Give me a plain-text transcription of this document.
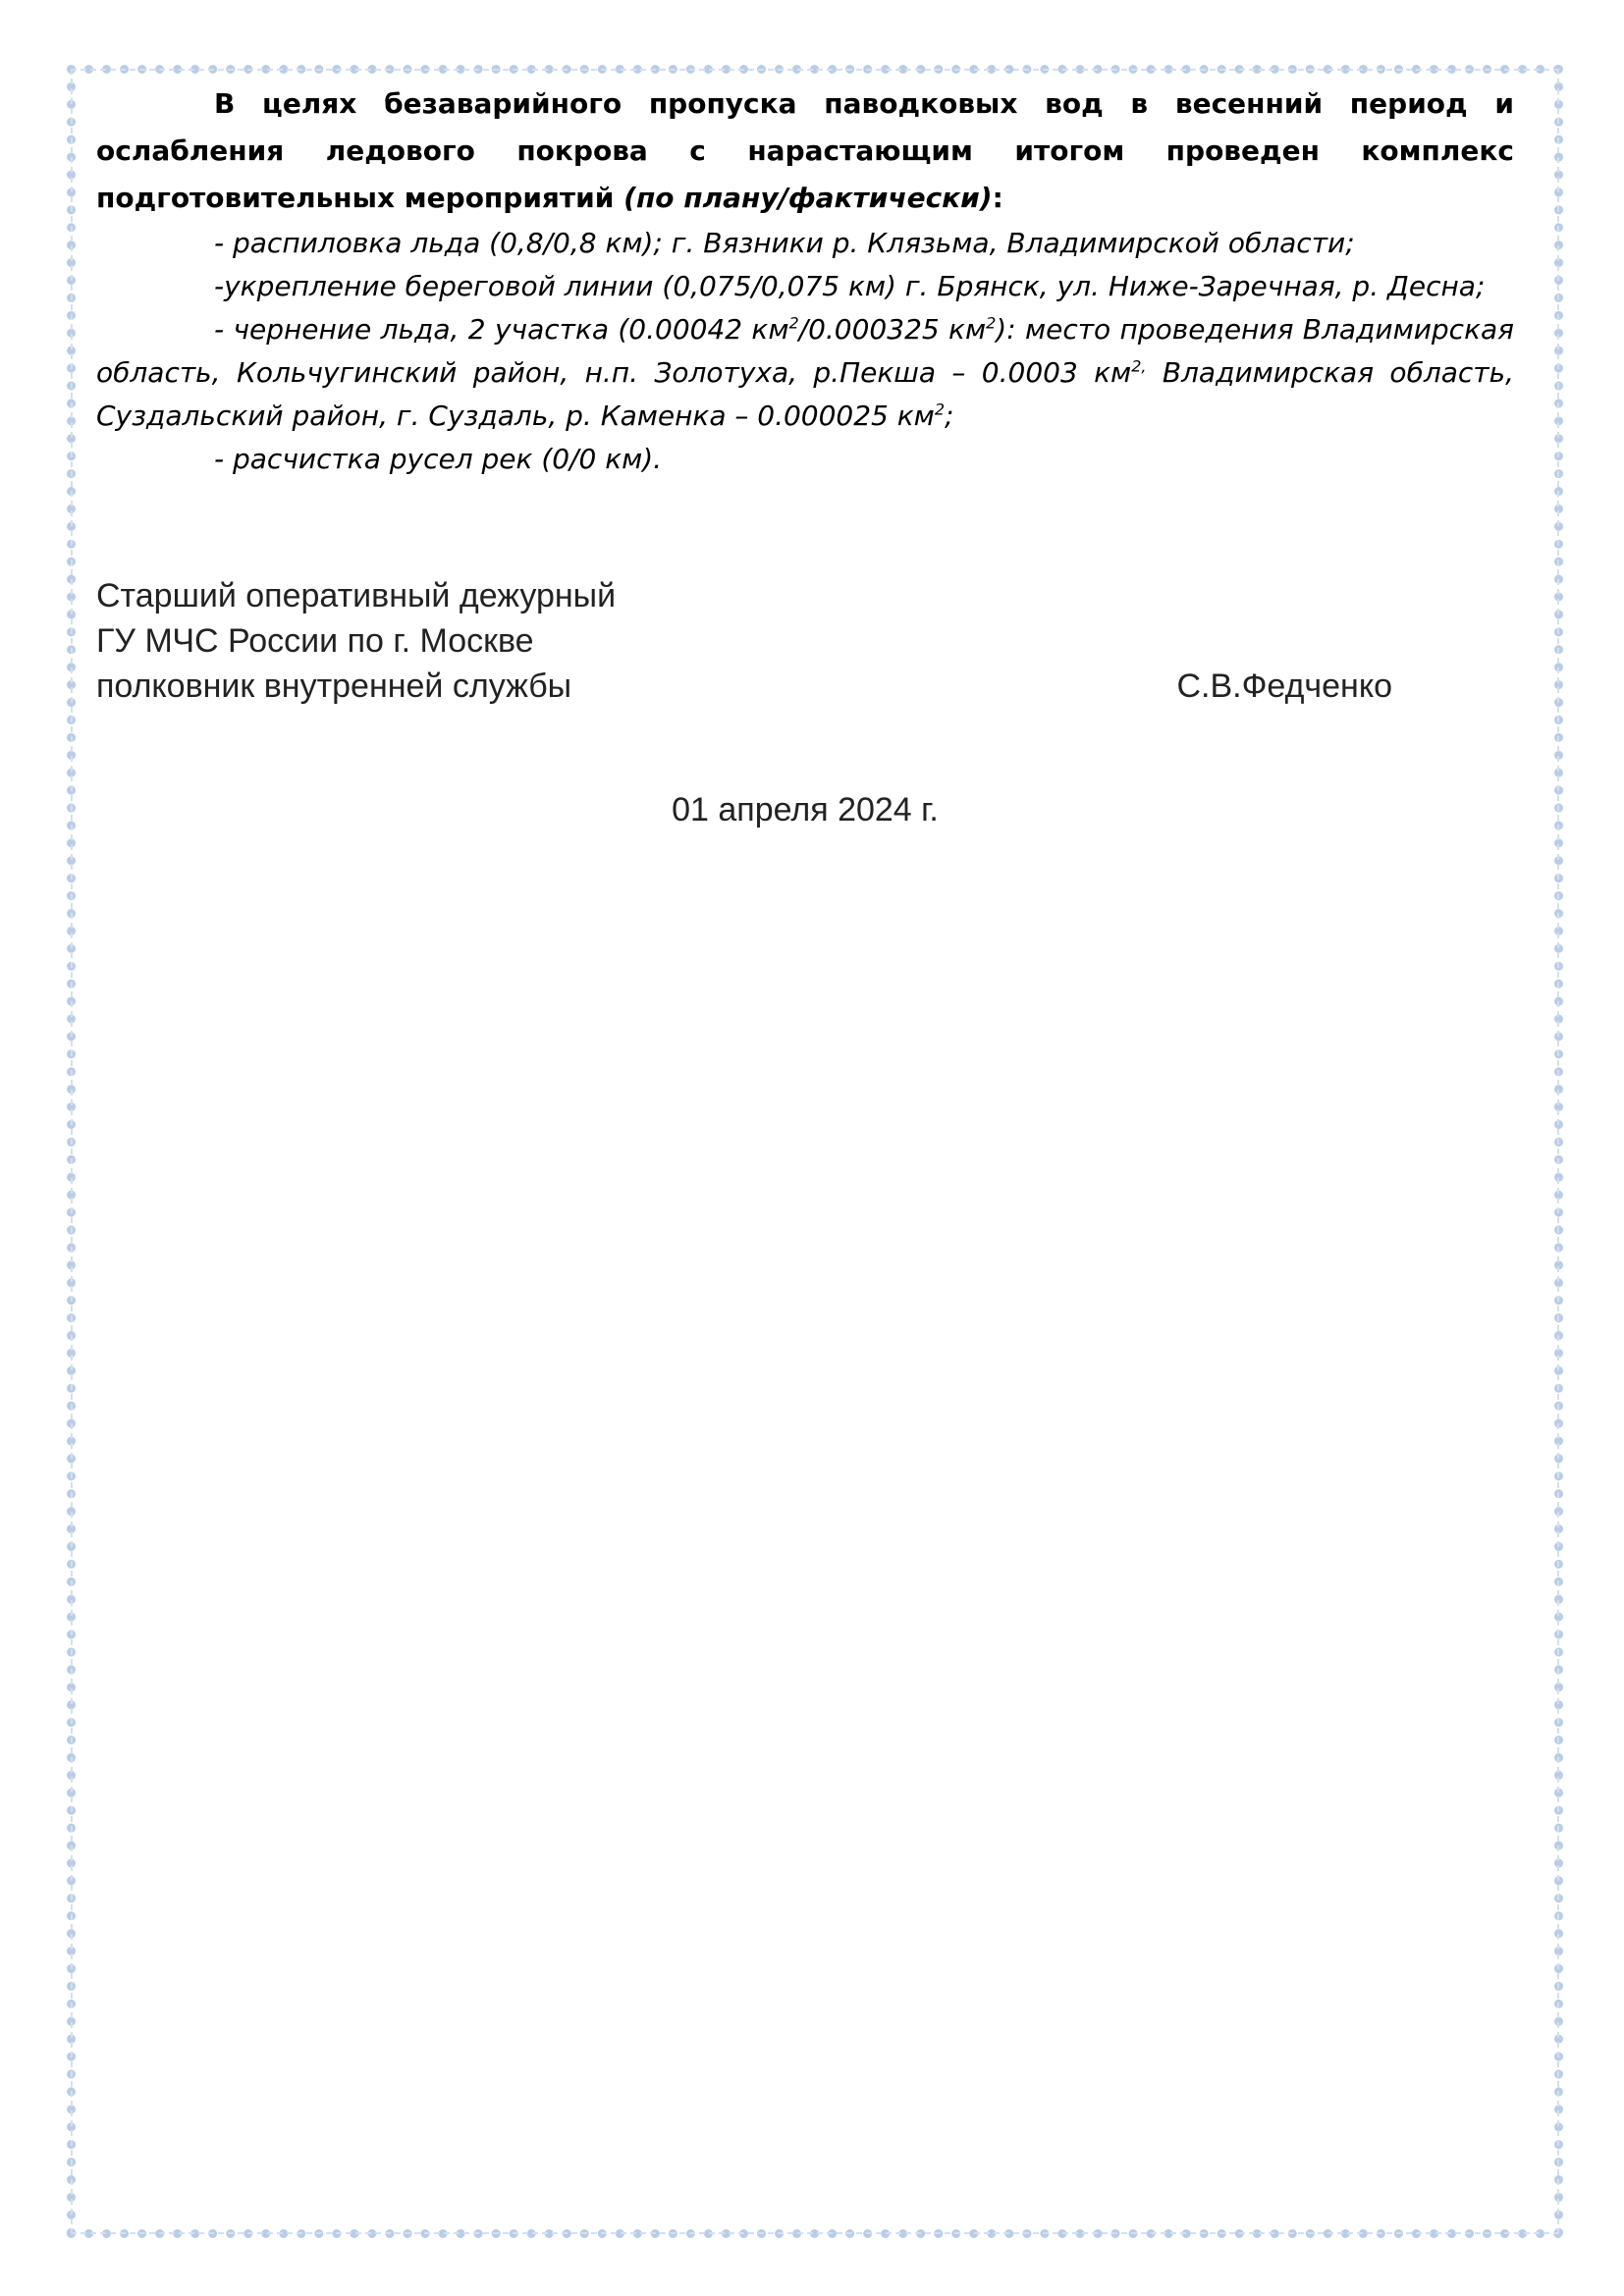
В целях безаварийного пропуска паводковых вод в весенний период и ослабления ледового покрова с нарастающим итогом проведен комплекс подготовительных мероприятий (по плану/фактически):

- распиловка льда (0,8/0,8 км); г. Вязники р. Клязьма, Владимирской области;

-укрепление береговой линии (0,075/0,075 км) г. Брянск, ул. Ниже-Заречная, р. Десна;

- чернение льда, 2 участка (0.00042 $км^2/0.000325$ $км^2$): место проведения Владимирская область, Кольчугинский район, н.п. Золотуха, р.Пекша – 0.0003 $км^{2,}$ Владимирская область, Суздальский район, г. Суздаль, р. Каменка – 0.000025 $км^2$;

- расчистка русел рек (0/0 км).

Старший оперативный дежурный
ГУ МЧС России по г. Москве
полковник внутренней службы	С.В.Федченко
01 апреля 2024 г.
